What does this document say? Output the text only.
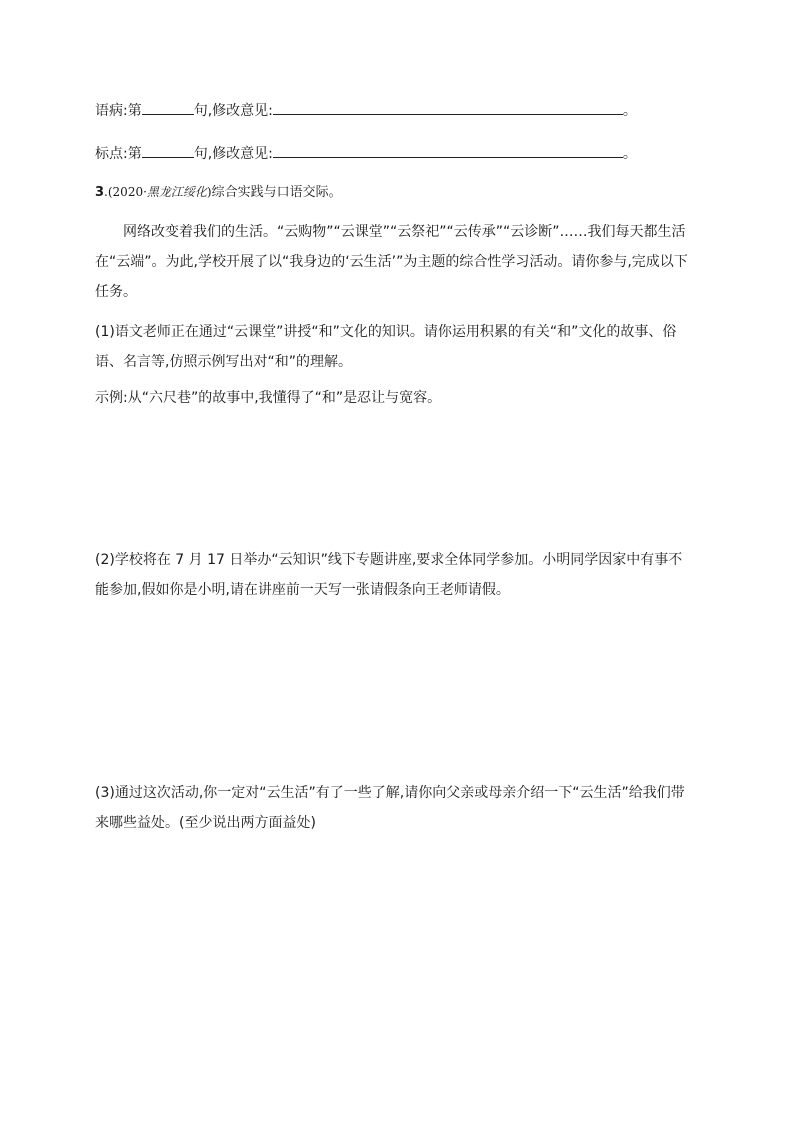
语病:第	句,修改意见:	。
标点:第	句,修改意见:	。
3.(2020·黑龙江绥化)综合实践与口语交际。
网络改变着我们的生活。“云购物”“云课堂”“云祭祀”“云传承”“云诊断”……我们每天都生活在“云端”。为此,学校开展了以“我身边的‘云生活’”为主题的综合性学习活动。请你参与,完成以下任务。
(1)语文老师正在通过“云课堂”讲授“和”文化的知识。请你运用积累的有关“和”文化的故事、俗语、名言等,仿照示例写出对“和”的理解。
示例:从“六尺巷”的故事中,我懂得了“和”是忍让与宽容。
(2)学校将在 7 月 17 日举办“云知识”线下专题讲座,要求全体同学参加。小明同学因家中有事不能参加,假如你是小明,请在讲座前一天写一张请假条向王老师请假。
(3)通过这次活动,你一定对“云生活”有了一些了解,请你向父亲或母亲介绍一下“云生活”给我们带来哪些益处。(至少说出两方面益处)
